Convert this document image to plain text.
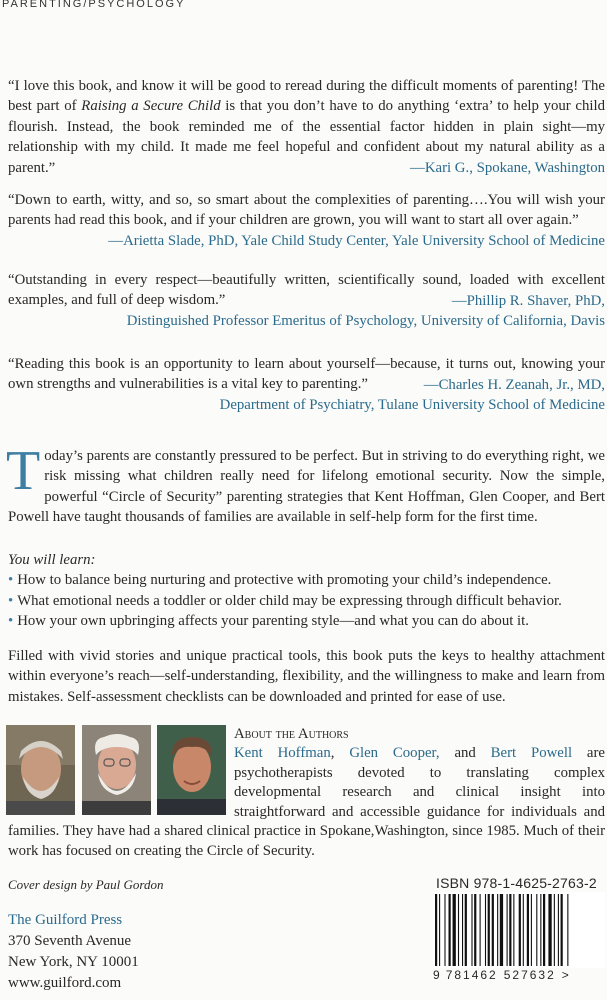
PARENTING/PSYCHOLOGY

“I love this book, and know it will be good to reread during the difficult moments of parenting! The best part of Raising a Secure Child is that you don’t have to do anything ‘extra’ to help your child flourish. Instead, the book reminded me of the essential factor hidden in plain sight—my relationship with my child. It made me feel hopeful and confident about my natural ability as a parent.”	—Kari G., Spokane, Washington

“Down to earth, witty, and so, so smart about the complexities of parenting….You will wish your parents had read this book, and if your children are grown, you will want to start all over again.”
—Arietta Slade, PhD, Yale Child Study Center, Yale University School of Medicine

“Outstanding in every respect—beautifully written, scientifically sound, loaded with excellent examples, and full of deep wisdom.”	—Phillip R. Shaver, PhD,
Distinguished Professor Emeritus of Psychology, University of California, Davis

“Reading this book is an opportunity to learn about yourself—because, it turns out, knowing your own strengths and vulnerabilities is a vital key to parenting.”	—Charles H. Zeanah, Jr., MD,
Department of Psychiatry, Tulane University School of Medicine

Today’s parents are constantly pressured to be perfect. But in striving to do everything right, we risk missing what children really need for lifelong emotional security. Now the simple, powerful “Circle of Security” parenting strategies that Kent Hoffman, Glen Cooper, and Bert Powell have taught thousands of families are available in self-help form for the first time.

You will learn:
• How to balance being nurturing and protective with promoting your child’s independence.
• What emotional needs a toddler or older child may be expressing through difficult behavior.
• How your own upbringing affects your parenting style—and what you can do about it.

Filled with vivid stories and unique practical tools, this book puts the keys to healthy attachment within everyone’s reach—self-understanding, flexibility, and the willingness to make and learn from mistakes. Self-assessment checklists can be downloaded and printed for ease of use.

About the Authors

Kent Hoffman, Glen Cooper, and Bert Powell are psychotherapists devoted to translating complex developmental research and clinical insight into straightforward and accessible guidance for individuals and families. They have had a shared clinical practice in Spokane,Washington, since 1985. Much of their work has focused on creating the Circle of Security.

Cover design by Paul Gordon
The Guilford Press
370 Seventh Avenue
New York, NY 10001
www.guilford.com
ISBN 978-1-4625-2763-2
9 781462 527632 >
